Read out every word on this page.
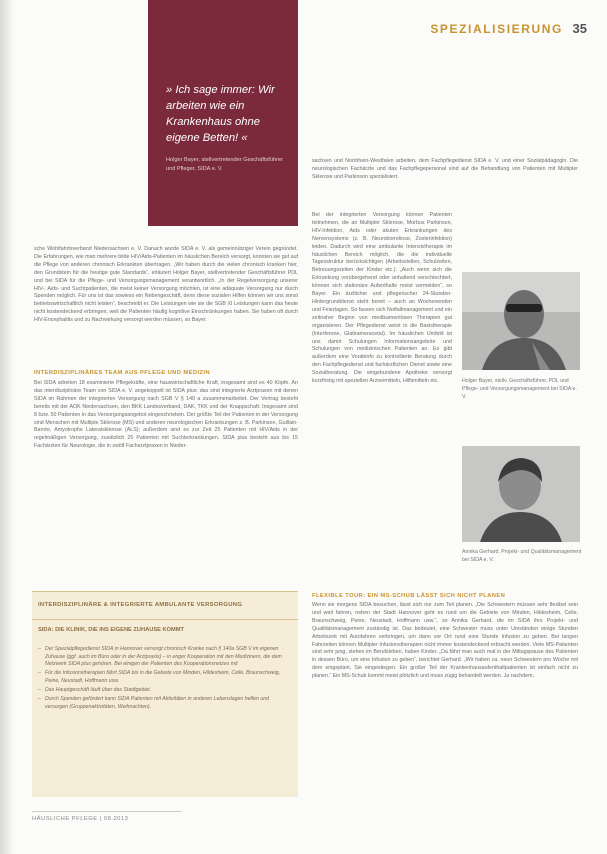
SPEZIALISIERUNG 35
» Ich sage immer: Wir arbeiten wie ein Krankenhaus ohne eigene Betten! «
Holger Bayer, stellvertretender Geschäftsführer und Pfleger, SIDA e. V.

sche Wohlfahrtsverband Niedersachsen e. V. Danach wurde SIDA e. V. als gemeinnütziger Verein gegründet. Die Erfahrungen, wie man mehrere bilde HIV/Aids-Patienten im häuslichen Bereich versorgt, konnten sie gut auf die Pflege von anderen chronisch Erkrankten übertragen. „Wir haben durch die vielen chronisch kranken hier, den Grundstein für die heutige gute Standards“, erläutert Holger Bayer, stellvertretender Geschäftsführer PDL und bei SIDA für die Pflege- und Versorgungsmanagement verantwortlich. „In der Regelversorgung unserer HIV-, Aids- und Suchtpatienten, die meist keiner Versorgung möchten, ist eine adäquate Versorgung nur durch Spenden möglich. Für uns ist das sowieso ein Nebengeschäft, denn diese sozialen Hilfen können wir uns sonst betriebswirtschaftlich nicht leisten“, beschreibt er. Die Leistungen wie sie die SGB XI Leistungen kann das heute nicht kostendeckend erbringen, weil die Patienten häufig kognitive Einschränkungen haben. Sie haben oft durch HIV-Encephalitis und zu Nachwirkung versorgt werden müssen, so Bayer.

INTERDISZIPLINÄRES TEAM AUS PFLEGE UND MEDIZIN

Bei SIDA arbeiten 18 examinierte Pflegekräfte, eine hauswirtschaftliche Kraft, insgesamt sind es 40 Köpfe. An das interdisziplinäre Team von SIDA e. V. angekoppelt ist SIDA plus: das sind integrierte Arztpraxen mit denen SIDA im Rahmen der integrierten Versorgung nach SGB V § 140 a zusammenarbeitet. Der Vertrag besteht bereits mit der AOK Niedersachsen, den BKK Landesverband, DAK, TKK und der Knappschaft. Insgesamt sind 8 bzw. 50 Patienten in das Versorgungsangebot eingeschrieben. Der größte Teil der Patienten in der Versorgung sind Menschen mit Multiple Sklerose (MS) und anderen neurologischen Erkrankungen z. B. Parkinson, Guillain-Barrée, Amyotrophe Lateralsklerose (ALS); außerdem sind es zur Zeit 25 Patienten mit HIV/Aids in der regelmäßigen Versorgung, zusätzlich 25 Patienten mit Suchterkrankungen. SIDA plus besteht aus bis 15 Fachärzten für Neurologie, die in zwölf Facharztpraxen in Nieder-

sachsen und Nordrhein-Westfalen arbeiten, dem Fachpflegedienst SIDA e. V. und einer Sozialpädagogin. Die neurologischen Fachärzte und das Fachpflegepersonal sind auf die Behandlung von Patienten mit Multipler Sklerose und Parkinson spezialisiert.

Bei der integrierten Versorgung können Patienten teilnehmen, die an Multipler Sklerose, Morbus Parkinson, HIV-Infektion, Aids oder akuten Erkrankungen des Nervensystems (z. B. Neuroborreliose, Zosterinfektion) leiden. Dadurch wird eine ambulante Intensivtherapie im häuslichen Bereich möglich, die die individuelle Tagesstruktur berücksichtigen (Arbeitsstellen, Schulzeiten, Betreuungszeiten der Kinder etc.). „Auch wenn sich die Erkrankung vorübergehend oder anhaltend verschlechtert, können sich stationäre Aufenthalte meist vermeiden“, so Bayer. Ein ärztlicher und pflegerischer 24-Stunden-Hintergrunddienst steht bereit – auch an Wochenenden und Feiertagen. So fassen sich Notfallmanagement und ein zeitnaher Beginn von medikamentösen Therapien gut organisieren. Der Pflegedienst weist in die Basistherapie (Interferone, Glatirameracetat). Im häuslichen Umfeld ist uns damit Schulungen Informationsangebote und Schulungen von medizinischen Patienten an. Es gibt außerdem eine Vorabinfo zu kontrollierte Beratung durch den Fachpflegedienst und fachärztlichen Dienst sowie eine Sozialberatung. Die eingebundene Apotheke versorgt kurzfristig mit speziellen Arzneimitteln, Hilfsmitteln etc.	Holger Bayer, stellv. Geschäftsführer, PDL und Pflege- und Versorgungsmanagement bei SIDA e. V.
Annika Gerhard, Projekt- und Qualitätsmanagement bei SIDA e. V.
FLEXIBLE TOUR: EIN MS-SCHUB LÄSST SICH NICHT PLANEN

Wenn sie morgens SIDA besuchen, lässt sich nur zum Teil planen. „Die Schwestern müssen sehr flexibel sein und weit fahren, neben der Stadt Hannover geht es rund um die Gebiete von Minden, Hildesheim, Celle, Braunschweig, Peine, Neustadt, Hoffmann usw.“, so Annika Gerhard, die im SIDA ihrs Projekt- und Qualitätsmanagement zuständig ist. Das bedeutet, eine Schwester muss unter Umständen einige Stunden Arbeitszeit mit Autofahren verbringen, um dann vor Ort rund eine Stunde Infusion zu geben. Bei langen Fahrzeiten können Multipler Infusionstherapien nicht immer kostendeckend erbracht werden. Viele MS-Patienten sind sehr jung, stehen im Berufsleben, haben Kinder. „Da fährt man auch mal in der Mittagspause des Patienten in dessen Büro, um eine Infusion zu geben“, berichtet Gerhard. „Wir haben ca. neun Schwestern pro Woche mit dem eingeplant, Sie eingestiegen. Ein großer Teil der Krankenhausaufenthaltpatienten ist einfach nicht zu planen.“ Ein MS-Schub kommt meist plötzlich und muss zügig behandelt werden. Ja nachdem,

INTERDISZIPLINÄRE & INTEGRIERTE AMBULANTE VERSORGUNG
SIDA: DIE KLINIK, DIE INS EIGENE ZUHAUSE KOMMT
– Der Spezialpflegedienst SIDA in Hannover versorgt chronisch Kranke nach § 140a SGB V im eigenen Zuhause (ggf. auch im Büro oder in der Arztpraxis) – in enger Kooperation mit den Medizinern, die dem Netzwerk SIDA plus gehören. Bei einigen der Patienten des Kooperationsnetzes mit
– Für die Infusionstherapien fährt SIDA bis in die Gebiete von Minden, Hildesheim, Celle, Braunschweig, Peine, Neustadt, Hoffmann usw.
– Das Hauptgeschäft läuft über das Stadtgebiet.
– Durch Spenden gefördert kann SIDA Patienten mit Aktivitäten in anderen Lebenslagen helfen und versorgen (Gruppenaktivitäten, Weihnachten).
HÄUSLICHE PFLEGE | 08.2013
